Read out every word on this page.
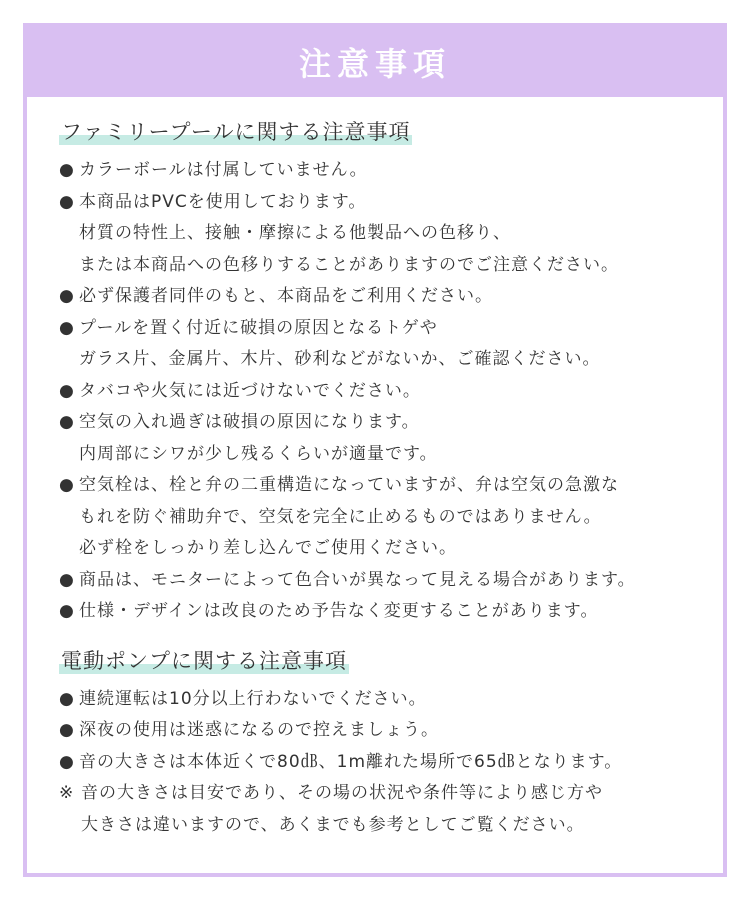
注意事項
ファミリープールに関する注意事項
● カラーボールは付属していません。
● 本商品はPVCを使用しております。
材質の特性上、接触・摩擦による他製品への色移り、
または本商品への色移りすることがありますのでご注意ください。
● 必ず保護者同伴のもと、本商品をご利用ください。
● プールを置く付近に破損の原因となるトゲや
ガラス片、金属片、木片、砂利などがないか、ご確認ください。
● タバコや火気には近づけないでください。
● 空気の入れ過ぎは破損の原因になります。
内周部にシワが少し残るくらいが適量です。
● 空気栓は、栓と弁の二重構造になっていますが、弁は空気の急激な
もれを防ぐ補助弁で、空気を完全に止めるものではありません。
必ず栓をしっかり差し込んでご使用ください。
● 商品は、モニターによって色合いが異なって見える場合があります。
● 仕様・デザインは改良のため予告なく変更することがあります。
電動ポンプに関する注意事項
● 連続運転は10分以上行わないでください。
● 深夜の使用は迷惑になるので控えましょう。
● 音の大きさは本体近くで80㏈、1m離れた場所で65㏈となります。
※ 音の大きさは目安であり、その場の状況や条件等により感じ方や
大きさは違いますので、あくまでも参考としてご覧ください。
